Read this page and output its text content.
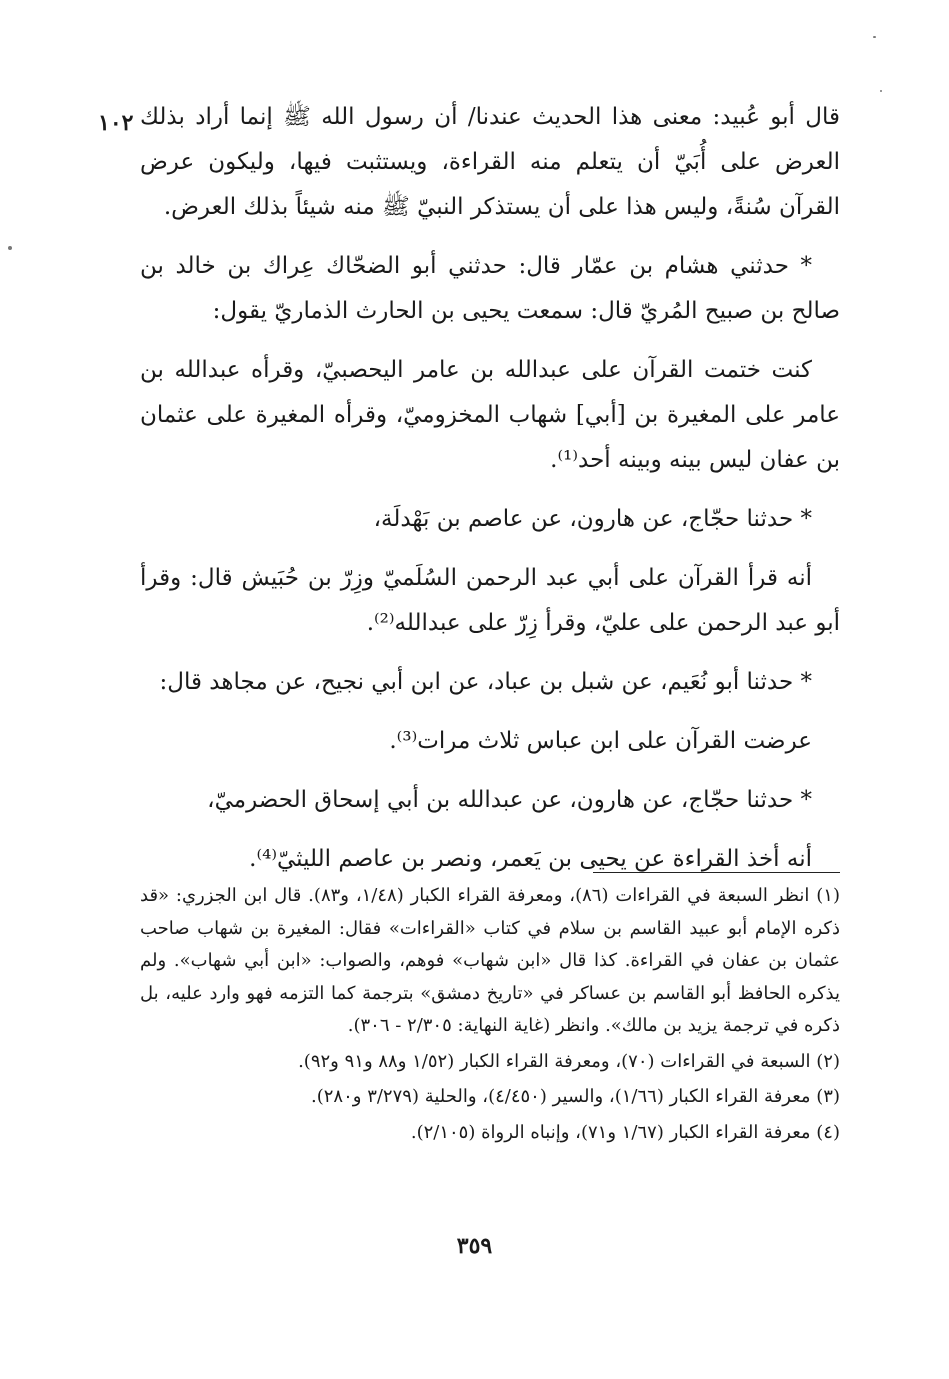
١٠٢ قال أبو عُبيد: معنى هذا الحديث عندنا/ أن رسول الله ﷺ إنما أراد بذلك العرض على أُبَيّ أن يتعلم منه القراءة، ويستثبت فيها، وليكون عرض القرآن سُنةً، وليس هذا على أن يستذكر النبيّ ﷺ منه شيئاً بذلك العرض.

* حدثني هشام بن عمّار قال: حدثني أبو الضحّاك عِراك بن خالد بن صالح بن صبيح المُريّ قال: سمعت يحيى بن الحارث الذماريّ يقول:

كنت ختمت القرآن على عبدالله بن عامر اليحصبيّ، وقرأه عبدالله بن عامر على المغيرة بن [أبي] شهاب المخزوميّ، وقرأه المغيرة على عثمان بن عفان ليس بينه وبينه أحد⁽¹⁾.

* حدثنا حجّاج، عن هارون، عن عاصم بن بَهْدلَة،

أنه قرأ القرآن على أبي عبد الرحمن السُلَميّ وزِرّ بن حُبَيش قال: وقرأ أبو عبد الرحمن على عليّ، وقرأ زِرّ على عبدالله⁽²⁾.

* حدثنا أبو نُعَيم، عن شبل بن عباد، عن ابن أبي نجيح، عن مجاهد قال:

عرضت القرآن على ابن عباس ثلاث مرات⁽³⁾.

* حدثنا حجّاج، عن هارون، عن عبدالله بن أبي إسحاق الحضرميّ،

أنه أخذ القراءة عن يحيى بن يَعمر، ونصر بن عاصم الليثيّ⁽⁴⁾.

(١) انظر السبعة في القراءات (٨٦)، ومعرفة القراء الكبار (١/٤٨، و٨٣). قال ابن الجزري: «قد ذكره الإمام أبو عبيد القاسم بن سلام في كتاب «القراءات» فقال: المغيرة بن شهاب صاحب عثمان بن عفان في القراءة. كذا قال «ابن شهاب» فوهم، والصواب: «ابن أبي شهاب». ولم يذكره الحافظ أبو القاسم بن عساكر في «تاريخ دمشق» بترجمة كما التزمه فهو وارد عليه، بل ذكره في ترجمة يزيد بن مالك». وانظر (غاية النهاية: ٢/٣٠٥ - ٣٠٦).

(٢) السبعة في القراءات (٧٠)، ومعرفة القراء الكبار (١/٥٢ و٨٨ و٩١ و٩٢).

(٣) معرفة القراء الكبار (١/٦٦)، والسير (٤/٤٥٠)، والحلية (٣/٢٧٩ و٢٨٠).

(٤) معرفة القراء الكبار (١/٦٧ و٧١)، وإنباه الرواة (٢/١٠٥).

٣٥٩
